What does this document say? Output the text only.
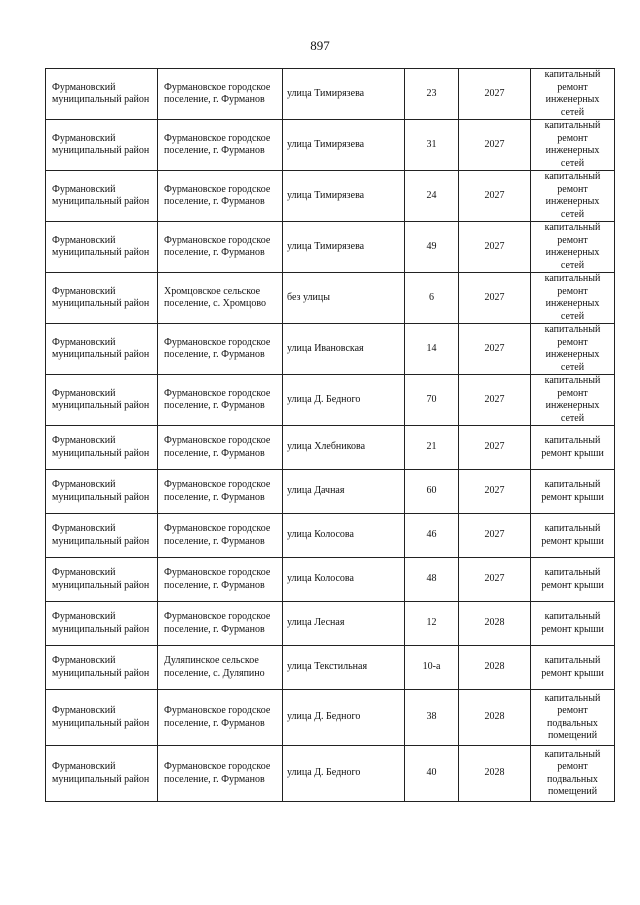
897
Фурмановский муниципальный район	Фурмановское городское поселение, г. Фурманов	улица Тимирязева	23	2027	капитальный ремонт инженерных сетей
Фурмановский муниципальный район	Фурмановское городское поселение, г. Фурманов	улица Тимирязева	31	2027	капитальный ремонт инженерных сетей
Фурмановский муниципальный район	Фурмановское городское поселение, г. Фурманов	улица Тимирязева	24	2027	капитальный ремонт инженерных сетей
Фурмановский муниципальный район	Фурмановское городское поселение, г. Фурманов	улица Тимирязева	49	2027	капитальный ремонт инженерных сетей
Фурмановский муниципальный район	Хромцовское сельское поселение, с. Хромцово	без улицы	6	2027	капитальный ремонт инженерных сетей
Фурмановский муниципальный район	Фурмановское городское поселение, г. Фурманов	улица Ивановская	14	2027	капитальный ремонт инженерных сетей
Фурмановский муниципальный район	Фурмановское городское поселение, г. Фурманов	улица Д. Бедного	70	2027	капитальный ремонт инженерных сетей
Фурмановский муниципальный район	Фурмановское городское поселение, г. Фурманов	улица Хлебникова	21	2027	капитальный ремонт крыши
Фурмановский муниципальный район	Фурмановское городское поселение, г. Фурманов	улица Дачная	60	2027	капитальный ремонт крыши
Фурмановский муниципальный район	Фурмановское городское поселение, г. Фурманов	улица Колосова	46	2027	капитальный ремонт крыши
Фурмановский муниципальный район	Фурмановское городское поселение, г. Фурманов	улица Колосова	48	2027	капитальный ремонт крыши
Фурмановский муниципальный район	Фурмановское городское поселение, г. Фурманов	улица Лесная	12	2028	капитальный ремонт крыши
Фурмановский муниципальный район	Дуляпинское сельское поселение, с. Дуляпино	улица Текстильная	10-а	2028	капитальный ремонт крыши
Фурмановский муниципальный район	Фурмановское городское поселение, г. Фурманов	улица Д. Бедного	38	2028	капитальный ремонт подвальных помещений
Фурмановский муниципальный район	Фурмановское городское поселение, г. Фурманов	улица Д. Бедного	40	2028	капитальный ремонт подвальных помещений
